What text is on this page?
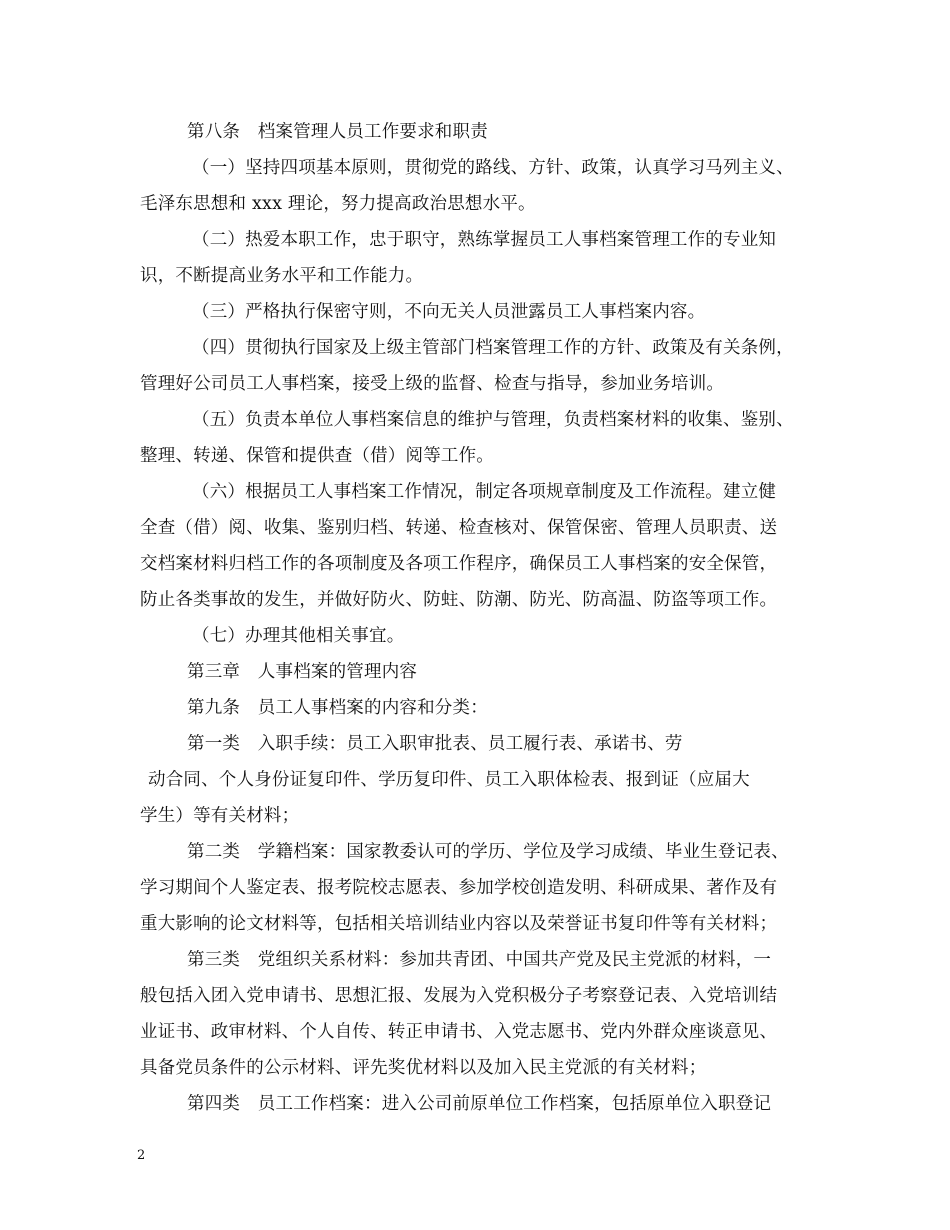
第八条　档案管理人员工作要求和职责
（一）坚持四项基本原则，贯彻党的路线、方针、政策，认真学习马列主义、
毛泽东思想和 xxx 理论，努力提高政治思想水平。
（二）热爱本职工作，忠于职守，熟练掌握员工人事档案管理工作的专业知
识，不断提高业务水平和工作能力。
（三）严格执行保密守则，不向无关人员泄露员工人事档案内容。
（四）贯彻执行国家及上级主管部门档案管理工作的方针、政策及有关条例，
管理好公司员工人事档案，接受上级的监督、检查与指导，参加业务培训。
（五）负责本单位人事档案信息的维护与管理，负责档案材料的收集、鉴别、
整理、转递、保管和提供查（借）阅等工作。
（六）根据员工人事档案工作情况，制定各项规章制度及工作流程。建立健
全查（借）阅、收集、鉴别归档、转递、检查核对、保管保密、管理人员职责、送
交档案材料归档工作的各项制度及各项工作程序，确保员工人事档案的安全保管，
防止各类事故的发生，并做好防火、防蛀、防潮、防光、防高温、防盗等项工作。
（七）办理其他相关事宜。
第三章　人事档案的管理内容
第九条　员工人事档案的内容和分类：
第一类　入职手续：员工入职审批表、员工履行表、承诺书、劳
动合同、个人身份证复印件、学历复印件、员工入职体检表、报到证（应届大
学生）等有关材料；
第二类　学籍档案：国家教委认可的学历、学位及学习成绩、毕业生登记表、
学习期间个人鉴定表、报考院校志愿表、参加学校创造发明、科研成果、著作及有
重大影响的论文材料等，包括相关培训结业内容以及荣誉证书复印件等有关材料；
第三类　党组织关系材料：参加共青团、中国共产党及民主党派的材料，一
般包括入团入党申请书、思想汇报、发展为入党积极分子考察登记表、入党培训结
业证书、政审材料、个人自传、转正申请书、入党志愿书、党内外群众座谈意见、
具备党员条件的公示材料、评先奖优材料以及加入民主党派的有关材料；
第四类　员工工作档案：进入公司前原单位工作档案，包括原单位入职登记
2
